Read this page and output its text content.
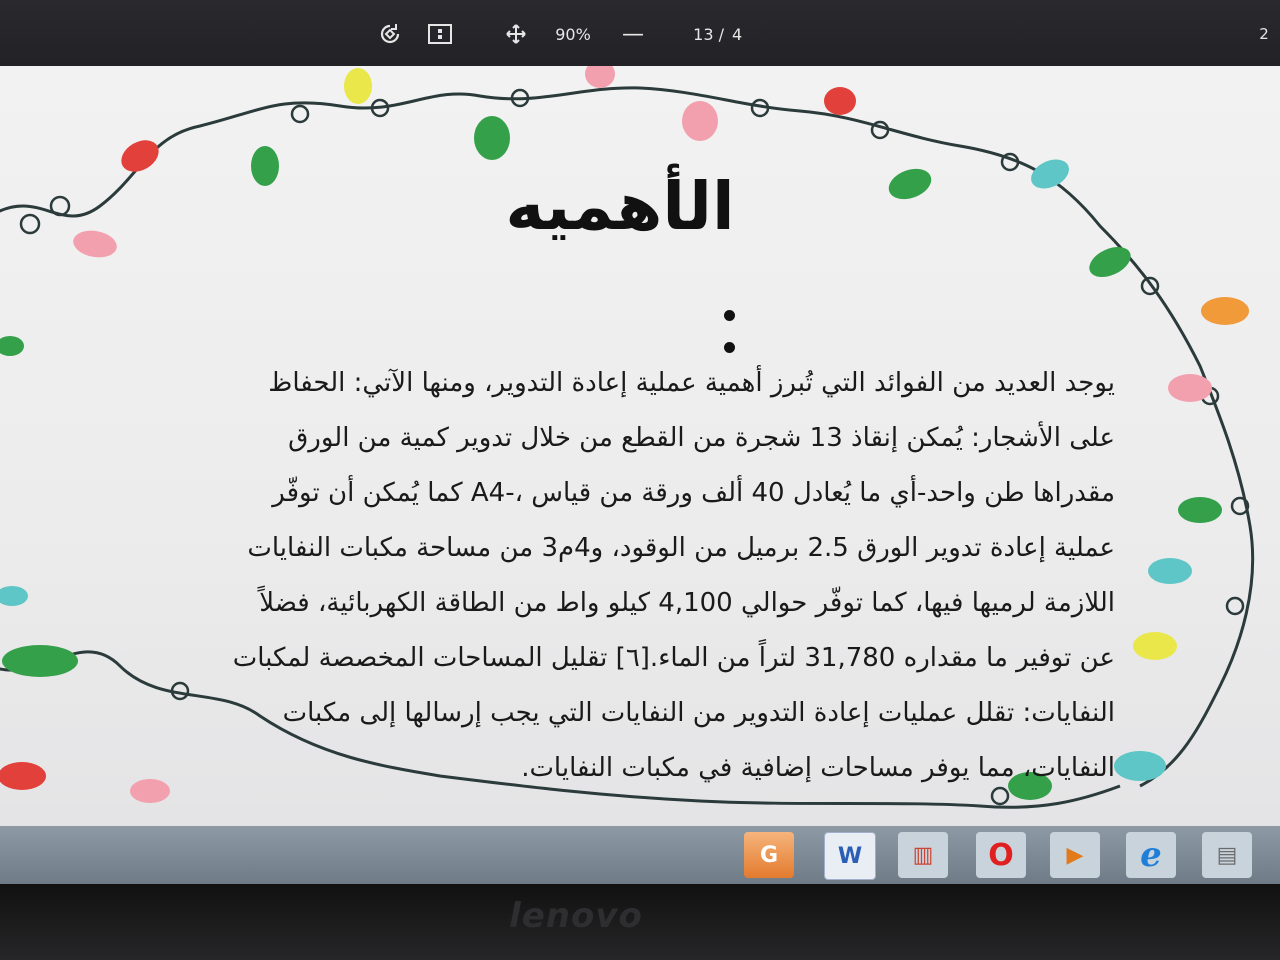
90%	—	13 / 4	2
الأهميه
يوجد العديد من الفوائد التي تُبرز أهمية عملية إعادة التدوير، ومنها الآتي: الحفاظ
على الأشجار: يُمكن إنقاذ 13 شجرة من القطع من خلال تدوير كمية من الورق
مقدراها طن واحد-أي ما يُعادل 40 ألف ورقة من قياس ،-A4 كما يُمكن أن توفّر
عملية إعادة تدوير الورق 2.5 برميل من الوقود، و4م3 من مساحة مكبات النفايات
اللازمة لرميها فيها، كما توفّر حوالي 4,100 كيلو واط من الطاقة الكهربائية، فضلاً
عن توفير ما مقداره 31,780 لتراً من الماء.[٦] تقليل المساحات المخصصة لمكبات
النفايات: تقلل عمليات إعادة التدوير من النفايات التي يجب إرسالها إلى مكبات
النفايات، مما يوفر مساحات إضافية في مكبات النفايات.
G	W	▥	O	▶	e	▤
lenovo
